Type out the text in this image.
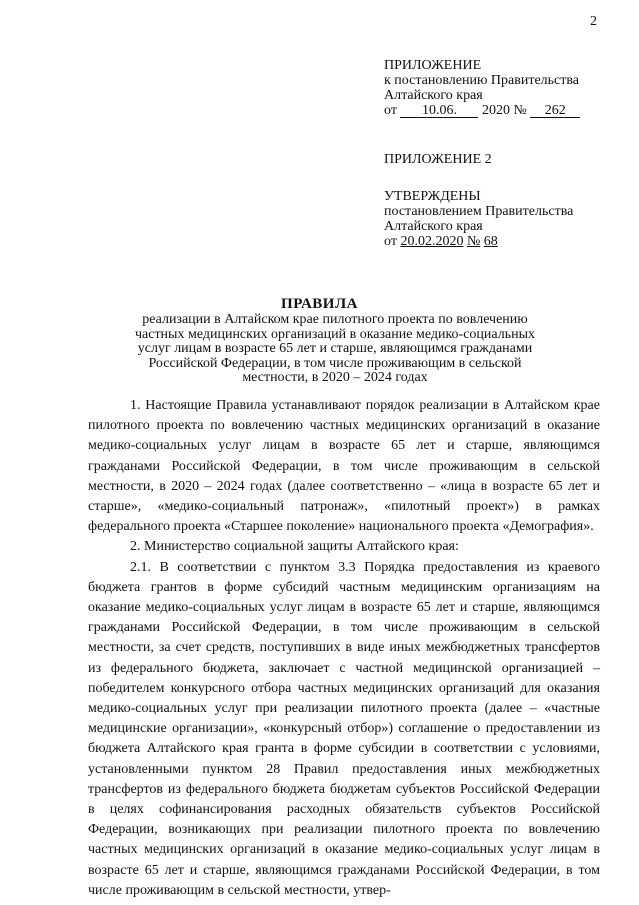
2
ПРИЛОЖЕНИЕ
к постановлению Правительства
Алтайского края
от 10.06. 2020 № 262
ПРИЛОЖЕНИЕ 2
УТВЕРЖДЕНЫ
постановлением Правительства
Алтайского края
от 20.02.2020 № 68
ПРАВИЛА
реализации в Алтайском крае пилотного проекта по вовлечению
частных медицинских организаций в оказание медико-социальных
услуг лицам в возрасте 65 лет и старше, являющимся гражданами
Российской Федерации, в том числе проживающим в сельской
местности, в 2020 – 2024 годах

1. Настоящие Правила устанавливают порядок реализации в Алтайском крае пилотного проекта по вовлечению частных медицинских организаций в оказание медико-социальных услуг лицам в возрасте 65 лет и старше, являющимся гражданами Российской Федерации, в том числе проживающим в сельской местности, в 2020 – 2024 годах (далее соответственно – «лица в возрасте 65 лет и старше», «медико-социальный патронаж», «пилотный проект») в рамках федерального проекта «Старшее поколение» национального проекта «Демография».

2. Министерство социальной защиты Алтайского края:

2.1. В соответствии с пунктом 3.3 Порядка предоставления из краевого бюджета грантов в форме субсидий частным медицинским организациям на оказание медико-социальных услуг лицам в возрасте 65 лет и старше, являющимся гражданами Российской Федерации, в том числе проживающим в сельской местности, за счет средств, поступивших в виде иных межбюджетных трансфертов из федерального бюджета, заключает с частной медицинской организацией – победителем конкурсного отбора частных медицинских организаций для оказания медико-социальных услуг при реализации пилотного проекта (далее – «частные медицинские организации», «конкурсный отбор») соглашение о предоставлении из бюджета Алтайского края гранта в форме субсидии в соответствии с условиями, установленными пунктом 28 Правил предоставления иных межбюджетных трансфертов из федерального бюджета бюджетам субъектов Российской Федерации в целях софинансирования расходных обязательств субъектов Российской Федерации, возникающих при реализации пилотного проекта по вовлечению частных медицинских организаций в оказание медико-социальных услуг лицам в возрасте 65 лет и старше, являющимся гражданами Российской Федерации, в том числе проживающим в сельской местности, утвер-
